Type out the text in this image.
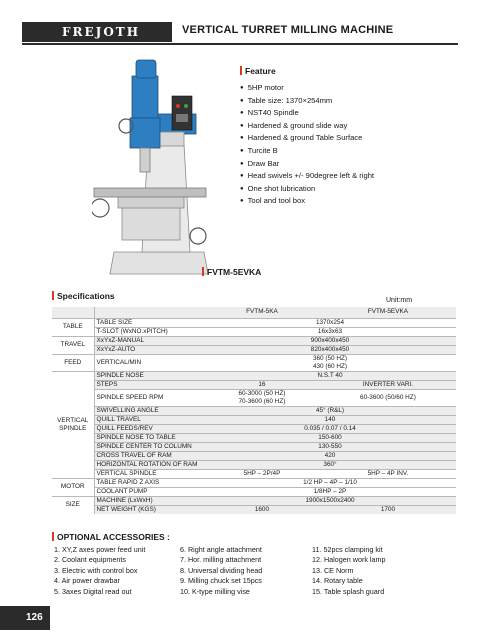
FREJOTH	VERTICAL TURRET MILLING MACHINE
FVTM-5EVKA
Feature
● 5HP motor
● Table size: 1370×254mm
● NST40 Spindle
● Hardened & ground slide way
● Hardened & ground Table Surface
● Turcite B
● Draw Bar
● Head swivels +/- 90degree left & right
● One shot lubrication
● Tool and tool box
Specifications	Unit:mm
		FVTM-5KA	FVTM-5EVKA
TABLE	TABLE SIZE	1370x254	
	T-SLOT (WxNO.xPITCH)	16x3x63	
TRAVEL	XxYxZ-MANUAL	900x400x450	
	XxYxZ-AUTO	820x400x450	
FEED	VERTICAL/MIN	360 (50 HZ)
430 (60 HZ)	

VERTICAL
SPINDLE	SPINDLE NOSE	N.S.T 40	
	STEPS	16	INVERTER VARI.
	SPINDLE SPEED RPM	60-3000 (50 HZ)
70-3600 (60 HZ)	60-3600 (50/60 HZ)
	SWIVELLING ANGLE	45° (R&L)	
	QUILL TRAVEL	140	
	QUILL FEEDS/REV	0.035 / 0.07 / 0.14	
	SPINDLE NOSE TO TABLE	150-600	
	SPINDLE CENTER TO COLUMN	130-550	
	CROSS TRAVEL OF RAM	420	
	HORIZONTAL ROTATION OF RAM	360°	
	VERTICAL SPINDLE	5HP – 2P/4P	5HP – 4P INV.
MOTOR	TABLE RAPID Z AXIS	1/2 HP – 4P – 1/10	
	COOLANT PUMP	1/8HP – 2P	
SIZE	MACHINE (LxWxH)	1900x1500x2400	
	NET WEIGHT (KGS)	1600	1700
OPTIONAL ACCESSORIES :
1. XY,Z axes power feed unit
2. Coolant equipments
3. Electric with control box
4. Air power drawbar
5. 3axes Digital read out
6. Right angle attachment
7. Hor. milling attachment
8. Universal dividing head
9. Milling chuck set 15pcs
10. K-type milling vise
11. 52pcs clamping kit
12. Halogen work lamp
13. CE Norm
14. Rotary table
15. Table splash guard
126
